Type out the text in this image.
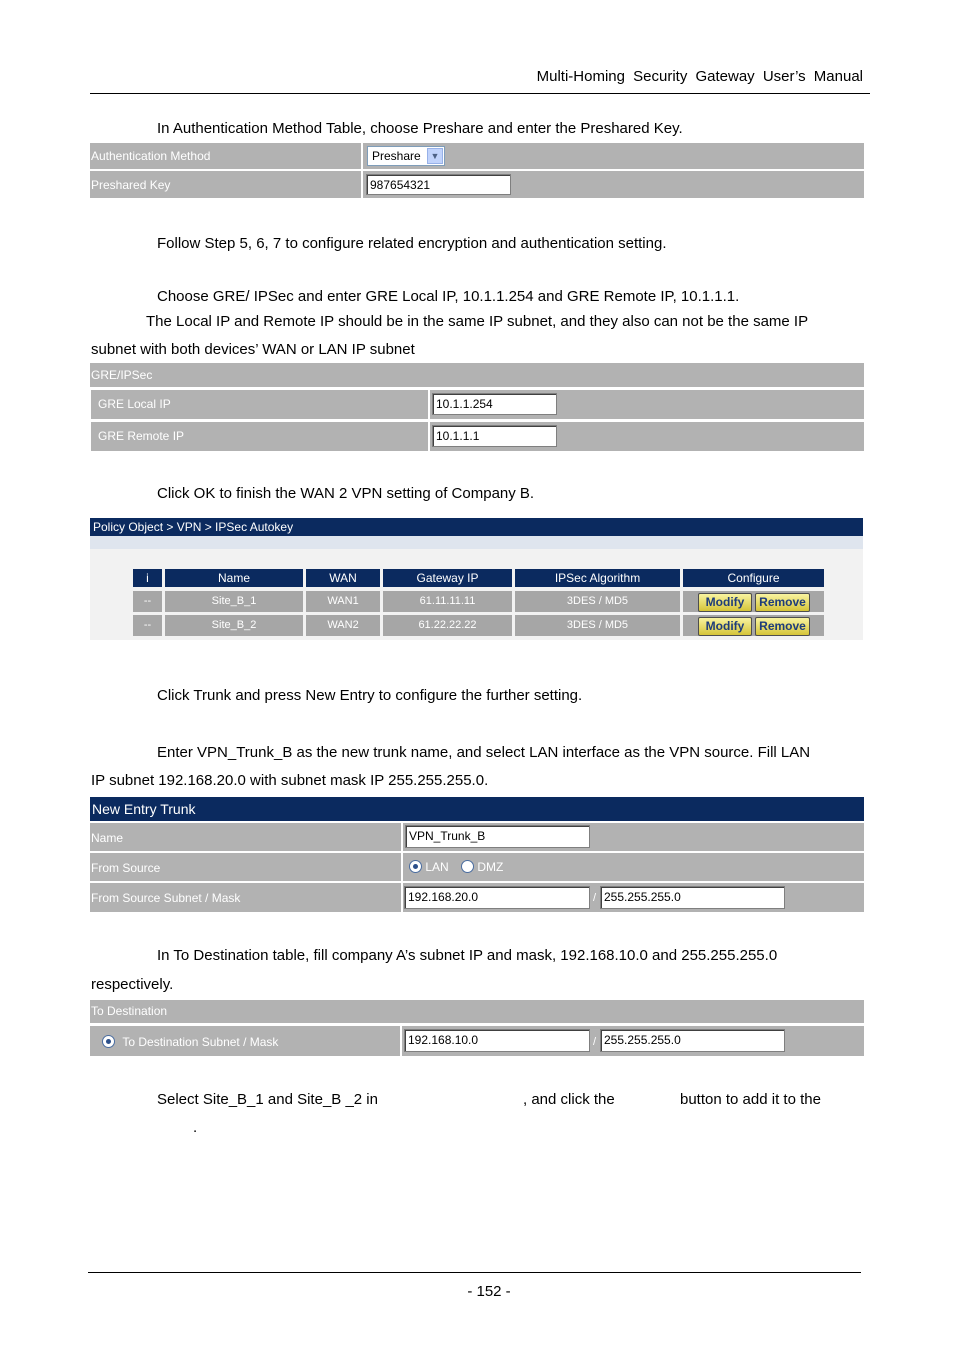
Multi-Homing Security Gateway User’s Manual
In Authentication Method Table, choose Preshare and enter the Preshared Key.
Authentication Method	Preshare	▼
Preshared Key	987654321
Follow Step 5, 6, 7 to configure related encryption and authentication setting.
Choose GRE/ IPSec and enter GRE Local IP, 10.1.1.254 and GRE Remote IP, 10.1.1.1.
The Local IP and Remote IP should be in the same IP subnet, and they also can not be the same IP
subnet with both devices’ WAN or LAN IP subnet
GRE/IPSec
GRE Local IP	10.1.1.254
GRE Remote IP	10.1.1.1
Click OK to finish the WAN 2 VPN setting of Company B.
Policy Object > VPN > IPSec Autokey
i	Name	WAN	Gateway IP	IPSec Algorithm	Configure
--	Site_B_1	WAN1	61.11.11.11	3DES / MD5	Modify	Remove
--	Site_B_2	WAN2	61.22.22.22	3DES / MD5	Modify	Remove
Click Trunk and press New Entry to configure the further setting.
Enter VPN_Trunk_B as the new trunk name, and select LAN interface as the VPN source. Fill LAN
IP subnet 192.168.20.0 with subnet mask IP 255.255.255.0.
New Entry Trunk
Name	VPN_Trunk_B
From Source	LAN	DMZ
From Source Subnet / Mask	192.168.20.0	/ 255.255.255.0
In To Destination table, fill company A’s subnet IP and mask, 192.168.10.0 and 255.255.255.0
respectively.
To Destination
To Destination Subnet / Mask	192.168.10.0	/ 255.255.255.0
Select Site_B_1 and Site_B _2 in	, and click the	button to add it to the
.
- 152 -
